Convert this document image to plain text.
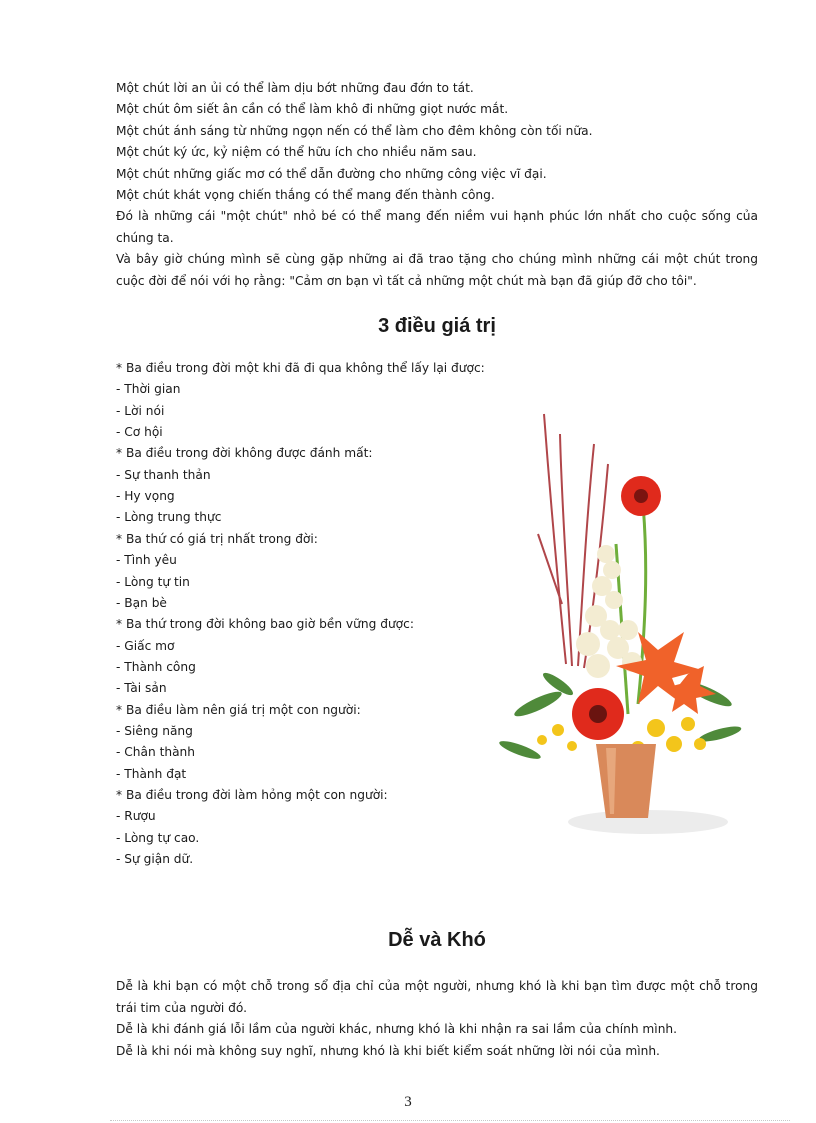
Một chút lời an ủi có thể làm dịu bớt những đau đớn to tát.

Một chút ôm siết ân cần có thể làm khô đi những giọt nước mắt.

Một chút ánh sáng từ những ngọn nến có thể làm cho đêm không còn tối nữa.

Một chút ký ức, kỷ niệm có thể hữu ích cho nhiều năm sau.

Một chút những giấc mơ có thể dẫn đường cho những công việc vĩ đại.

Một chút khát vọng chiến thắng có thể mang đến thành công.

Đó là những cái "một chút" nhỏ bé có thể mang đến niềm vui hạnh phúc lớn nhất cho cuộc sống của chúng ta.

Và bây giờ chúng mình sẽ cùng gặp những ai đã trao tặng cho chúng mình những cái một chút trong cuộc đời để nói với họ rằng: "Cảm ơn bạn vì tất cả những một chút mà bạn đã giúp đỡ cho tôi".

3 điều giá trị

* Ba điều trong đời một khi đã đi qua không thể lấy lại được:

- Thời gian

- Lời nói

- Cơ hội

* Ba điều trong đời không được đánh mất:

- Sự thanh thản

- Hy vọng

- Lòng trung thực

* Ba thứ có giá trị nhất trong đời:

- Tình yêu

- Lòng tự tin

- Bạn bè

* Ba thứ trong đời không bao giờ bền vững được:

- Giấc mơ

- Thành công

- Tài sản

* Ba điều làm nên giá trị một con người:

- Siêng năng

- Chân thành

- Thành đạt

* Ba điều trong đời làm hỏng một con người:

- Rượu

- Lòng tự cao.

- Sự giận dữ.

Dễ và Khó

Dễ là khi bạn có một chỗ trong sổ địa chỉ của một người, nhưng khó là khi bạn tìm được một chỗ trong trái tim của người đó.

Dễ là khi đánh giá lỗi lầm của người khác, nhưng khó là khi nhận ra sai lầm của chính mình.

Dễ là khi nói mà không suy nghĩ, nhưng khó là khi biết kiểm soát những lời nói của mình.

3
